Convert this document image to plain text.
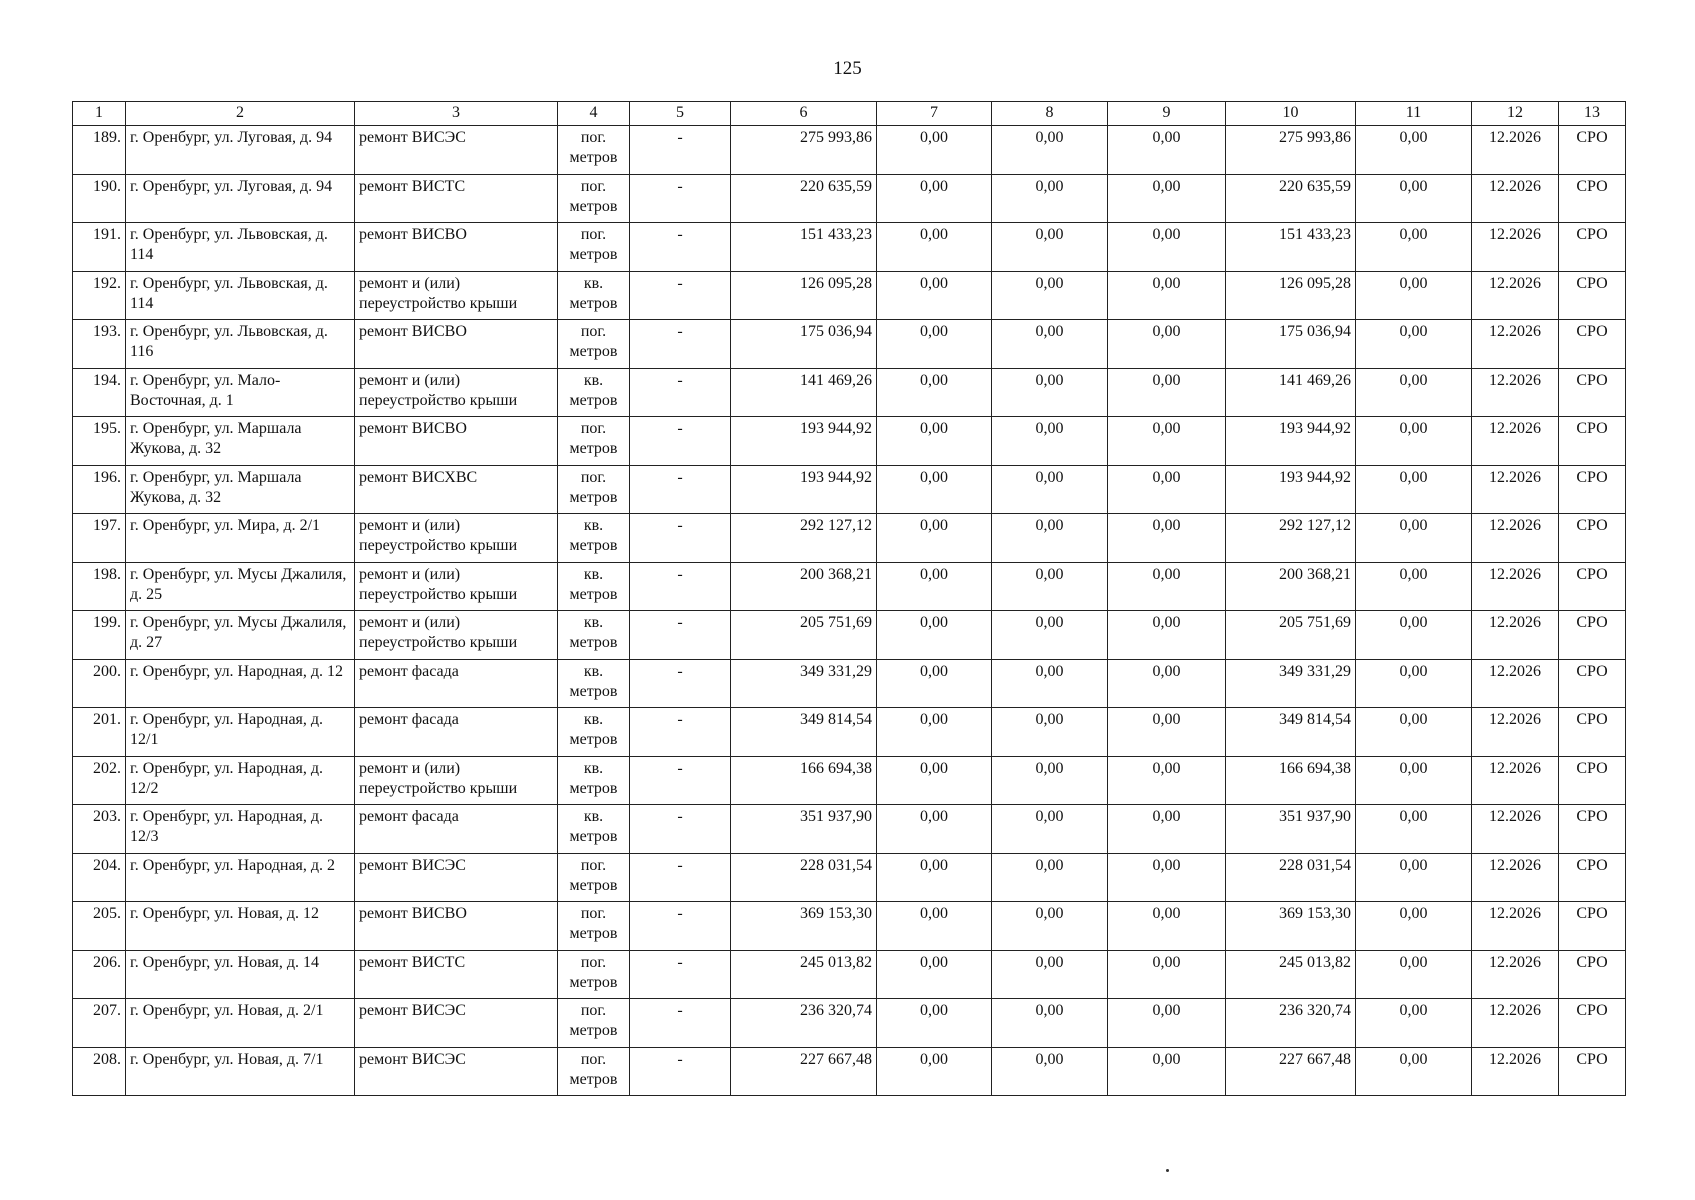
125
1	2	3	4	5	6	7	8	9	10	11	12	13
189.	г. Оренбург, ул. Луговая, д. 94	ремонт ВИСЭС	пог. метров	-	275 993,86	0,00	0,00	0,00	275 993,86	0,00	12.2026	СРО
190.	г. Оренбург, ул. Луговая, д. 94	ремонт ВИСТС	пог. метров	-	220 635,59	0,00	0,00	0,00	220 635,59	0,00	12.2026	СРО
191.	г. Оренбург, ул. Львовская, д. 114	ремонт ВИСВО	пог. метров	-	151 433,23	0,00	0,00	0,00	151 433,23	0,00	12.2026	СРО
192.	г. Оренбург, ул. Львовская, д. 114	ремонт и (или) переустройство крыши	кв. метров	-	126 095,28	0,00	0,00	0,00	126 095,28	0,00	12.2026	СРО
193.	г. Оренбург, ул. Львовская, д. 116	ремонт ВИСВО	пог. метров	-	175 036,94	0,00	0,00	0,00	175 036,94	0,00	12.2026	СРО
194.	г. Оренбург, ул. Мало-Восточная, д. 1	ремонт и (или) переустройство крыши	кв. метров	-	141 469,26	0,00	0,00	0,00	141 469,26	0,00	12.2026	СРО
195.	г. Оренбург, ул. Маршала Жукова, д. 32	ремонт ВИСВО	пог. метров	-	193 944,92	0,00	0,00	0,00	193 944,92	0,00	12.2026	СРО
196.	г. Оренбург, ул. Маршала Жукова, д. 32	ремонт ВИСХВС	пог. метров	-	193 944,92	0,00	0,00	0,00	193 944,92	0,00	12.2026	СРО
197.	г. Оренбург, ул. Мира, д. 2/1	ремонт и (или) переустройство крыши	кв. метров	-	292 127,12	0,00	0,00	0,00	292 127,12	0,00	12.2026	СРО
198.	г. Оренбург, ул. Мусы Джалиля, д. 25	ремонт и (или) переустройство крыши	кв. метров	-	200 368,21	0,00	0,00	0,00	200 368,21	0,00	12.2026	СРО
199.	г. Оренбург, ул. Мусы Джалиля, д. 27	ремонт и (или) переустройство крыши	кв. метров	-	205 751,69	0,00	0,00	0,00	205 751,69	0,00	12.2026	СРО
200.	г. Оренбург, ул. Народная, д. 12	ремонт фасада	кв. метров	-	349 331,29	0,00	0,00	0,00	349 331,29	0,00	12.2026	СРО
201.	г. Оренбург, ул. Народная, д. 12/1	ремонт фасада	кв. метров	-	349 814,54	0,00	0,00	0,00	349 814,54	0,00	12.2026	СРО
202.	г. Оренбург, ул. Народная, д. 12/2	ремонт и (или) переустройство крыши	кв. метров	-	166 694,38	0,00	0,00	0,00	166 694,38	0,00	12.2026	СРО
203.	г. Оренбург, ул. Народная, д. 12/3	ремонт фасада	кв. метров	-	351 937,90	0,00	0,00	0,00	351 937,90	0,00	12.2026	СРО
204.	г. Оренбург, ул. Народная, д. 2	ремонт ВИСЭС	пог. метров	-	228 031,54	0,00	0,00	0,00	228 031,54	0,00	12.2026	СРО
205.	г. Оренбург, ул. Новая, д. 12	ремонт ВИСВО	пог. метров	-	369 153,30	0,00	0,00	0,00	369 153,30	0,00	12.2026	СРО
206.	г. Оренбург, ул. Новая, д. 14	ремонт ВИСТС	пог. метров	-	245 013,82	0,00	0,00	0,00	245 013,82	0,00	12.2026	СРО
207.	г. Оренбург, ул. Новая, д. 2/1	ремонт ВИСЭС	пог. метров	-	236 320,74	0,00	0,00	0,00	236 320,74	0,00	12.2026	СРО
208.	г. Оренбург, ул. Новая, д. 7/1	ремонт ВИСЭС	пог. метров	-	227 667,48	0,00	0,00	0,00	227 667,48	0,00	12.2026	СРО
